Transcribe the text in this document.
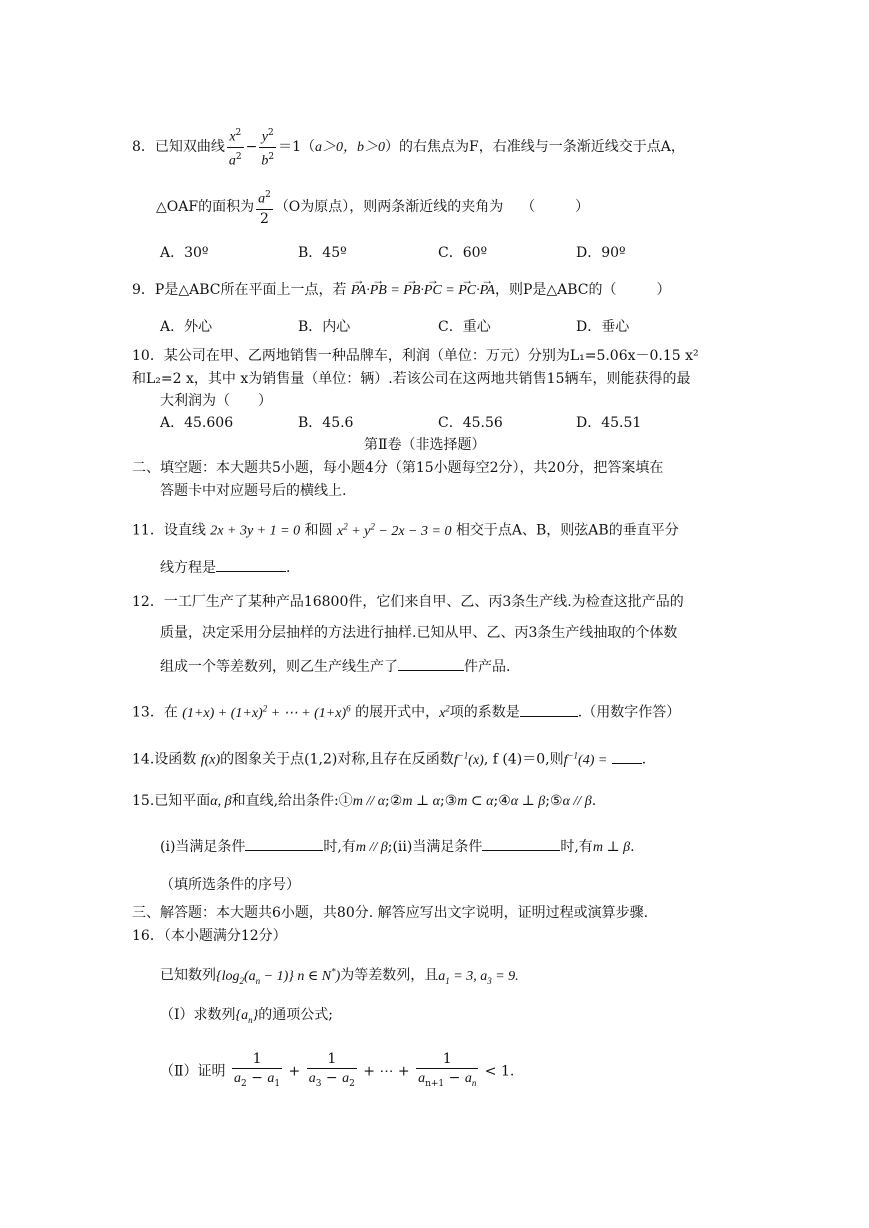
8．已知双曲线 $\frac{x^2}{a^2} - \frac{y^2}{b^2} =1(a>0$，b＞0）的右焦点为F，右准线与一条渐近线交于点A，
△OAF的面积为 $\frac{a^2}{2} (O$为原点），则两条渐近线的夹角为    （	）
A．30º	B．45º	C．60º	D．90º
9．P是△ABC所在平面上一点，若 → PA·→ PB = → PB·→ PC = → PC·→ PA，则P是△ABC的（	）
A．外心	B．内心	C．重心	D．垂心
10．某公司在甲、乙两地销售一种品牌车，利润（单位：万元）分别为L₁=5.06x－0.15 x²
和L₂=2 x，其中 x为销售量（单位：辆）.若该公司在这两地共销售15辆车，则能获得的最
大利润为（　　）
A．45.606	B．45.6	C．45.56	D．45.51
第Ⅱ卷（非选择题）
二、填空题：本大题共5小题，每小题4分（第15小题每空2分），共20分，把答案填在
答题卡中对应题号后的横线上.
11．设直线 2x + 3y + 1 = 0 和圆 $x^2 + y^2 - 2x - 3 = 0$ 相交于点A、B，则弦AB的垂直平分
线方程是	.
12．一工厂生产了某种产品16800件，它们来自甲、乙、丙3条生产线.为检查这批产品的
质量，决定采用分层抽样的方法进行抽样.已知从甲、乙、丙3条生产线抽取的个体数
组成一个等差数列，则乙生产线生产了	件产品.
13．在 $(1+x) + (1+x)^2$ + ⋯ + $(1+x)^6$ 的展开式中，$x^2$项的系数是	.（用数字作答）
14.设函数 f(x)的图象关于点(1,2)对称,且存在反函数$f^{-1}(x)$, f (4)＝0,则$f^{-1}(4)$ = .
15.已知平面α, β和直线,给出条件:①m // α;②m ⊥ α;③m ⊂ α;④α ⊥ β;⑤α // β.
(ⅰ)当满足条件	时,有m // β;(ⅱ)当满足条件	时,有m ⊥ β.
（填所选条件的序号）
三、解答题：本大题共6小题，共80分. 解答应写出文字说明，证明过程或演算步骤.
16．（本小题满分12分）
已知数列$\{\log_2(a_n - 1)\}$ n ∈ N*)为等差数列，且$a_1 = 3$, $a_3 = 9$.
（Ⅰ）求数列$\{a_n\}$的通项公式;
（Ⅱ）证明 $\frac{1}{a_2 - a_1} + \frac{1}{a_3 - a_2}$ + ⋯ + $\frac{1}{a_{n+1} - a_n} < 1$.
